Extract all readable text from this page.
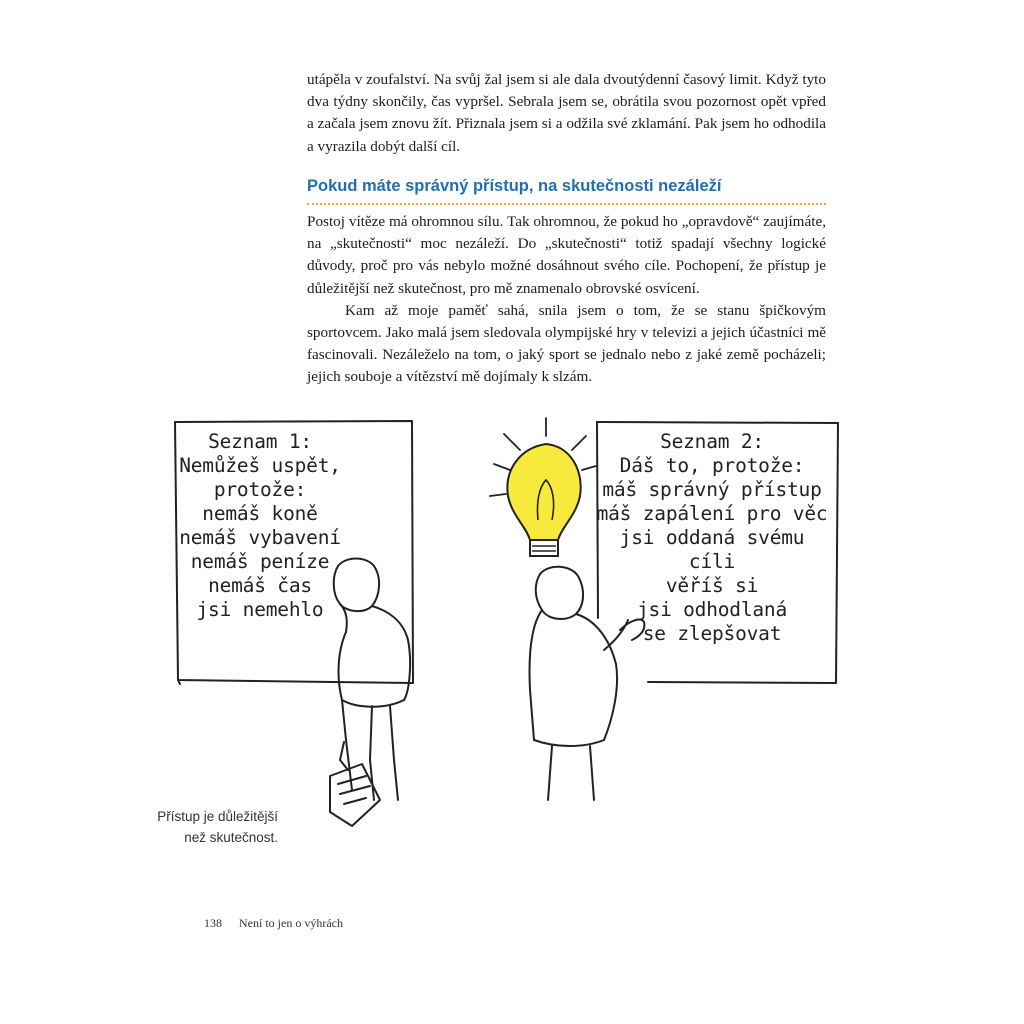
utápěla v zoufalství. Na svůj žal jsem si ale dala dvoutýdenní časový limit. Když tyto dva týdny skončily, čas vypršel. Sebrala jsem se, obrátila svou pozornost opět vpřed a začala jsem znovu žít. Přiznala jsem si a odžila své zklamání. Pak jsem ho odhodila a vyrazila dobýt další cíl.

Pokud máte správný přístup, na skutečnosti nezáleží

Postoj vítěze má ohromnou sílu. Tak ohromnou, že pokud ho „opravdově“ zaujímáte, na „skutečnosti“ moc nezáleží. Do „skutečnosti“ totiž spadají všechny logické důvody, proč pro vás nebylo možné dosáhnout svého cíle. Pochopení, že přístup je důležitější než skutečnost, pro mě znamenalo obrovské osvícení.

Kam až moje paměť sahá, snila jsem o tom, že se stanu špičkovým sportovcem. Jako malá jsem sledovala olympijské hry v televizi a jejich účastníci mě fascinovali. Nezáleželo na tom, o jaký sport se jednalo nebo z jaké země pocházeli; jejich souboje a vítězství mě dojímaly k slzám.

Seznam 1:
Nemůžeš uspět,
protože:
nemáš koně
nemáš vybavení
nemáš peníze
nemáš čas
jsi nemehlo
Seznam 2:
Dáš to, protože:
máš správný přístup
máš zapálení pro věc
jsi oddaná svému cíli
věříš si
jsi odhodlaná
se zlepšovat
Přístup je důležitější
než skutečnost.
138 Není to jen o výhrách
